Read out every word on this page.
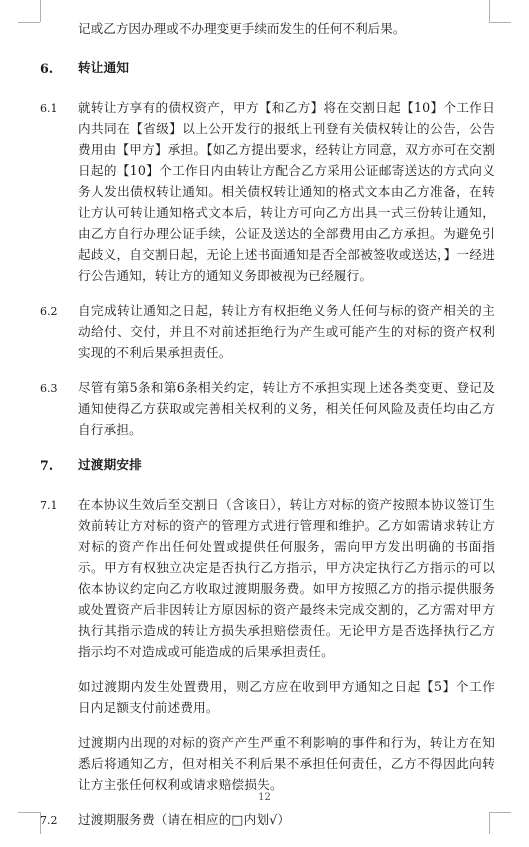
记或乙方因办理或不办理变更手续而发生的任何不利后果。
6.	转让通知
6.1	就转让方享有的债权资产，甲方【和乙方】将在交割日起【10】个工作日内共同在【省级】以上公开发行的报纸上刊登有关债权转让的公告，公告费用由【甲方】承担。【如乙方提出要求，经转让方同意，双方亦可在交割日起的【10】个工作日内由转让方配合乙方采用公证邮寄送达的方式向义务人发出债权转让通知。相关债权转让通知的格式文本由乙方准备，在转让方认可转让通知格式文本后，转让方可向乙方出具一式三份转让通知，由乙方自行办理公证手续，公证及送达的全部费用由乙方承担。为避免引起歧义，自交割日起，无论上述书面通知是否全部被签收或送达，】一经进行公告通知，转让方的通知义务即被视为已经履行。
6.2	自完成转让通知之日起，转让方有权拒绝义务人任何与标的资产相关的主动给付、交付，并且不对前述拒绝行为产生或可能产生的对标的资产权利实现的不利后果承担责任。
6.3	尽管有第5条和第6条相关约定，转让方不承担实现上述各类变更、登记及通知使得乙方获取或完善相关权利的义务，相关任何风险及责任均由乙方自行承担。
7.	过渡期安排
7.1	在本协议生效后至交割日（含该日），转让方对标的资产按照本协议签订生效前转让方对标的资产的管理方式进行管理和维护。乙方如需请求转让方对标的资产作出任何处置或提供任何服务，需向甲方发出明确的书面指示。甲方有权独立决定是否执行乙方指示，甲方决定执行乙方指示的可以依本协议约定向乙方收取过渡期服务费。如甲方按照乙方的指示提供服务或处置资产后非因转让方原因标的资产最终未完成交割的，乙方需对甲方执行其指示造成的转让方损失承担赔偿责任。无论甲方是否选择执行乙方指示均不对造成或可能造成的后果承担责任。
如过渡期内发生处置费用，则乙方应在收到甲方通知之日起【5】个工作日内足额支付前述费用。
过渡期内出现的对标的资产产生严重不利影响的事件和行为，转让方在知悉后将通知乙方，但对相关不利后果不承担任何责任，乙方不得因此向转让方主张任何权利或请求赔偿损失。
7.2	过渡期服务费（请在相应的□内划√）
12
